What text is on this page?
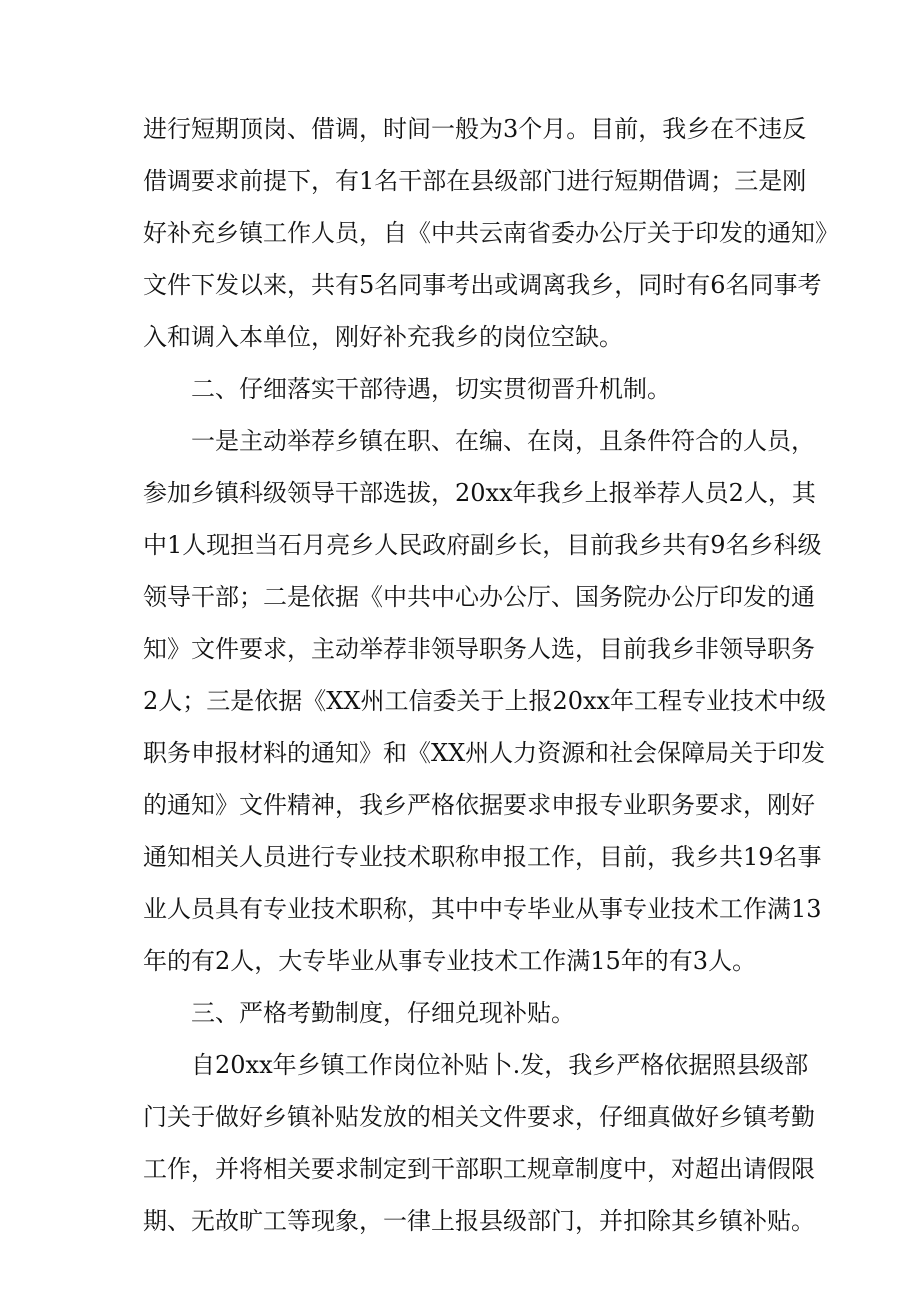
进行短期顶岗、借调，时间一般为3个月。目前，我乡在不违反
借调要求前提下，有1名干部在县级部门进行短期借调；三是刚
好补充乡镇工作人员，自《中共云南省委办公厅关于印发的通知》
文件下发以来，共有5名同事考出或调离我乡，同时有6名同事考
入和调入本单位，刚好补充我乡的岗位空缺。
二、仔细落实干部待遇，切实贯彻晋升机制。
一是主动举荐乡镇在职、在编、在岗，且条件符合的人员，
参加乡镇科级领导干部选拔，20xx年我乡上报举荐人员2人，其
中1人现担当石月亮乡人民政府副乡长，目前我乡共有9名乡科级
领导干部；二是依据《中共中心办公厅、国务院办公厅印发的通
知》文件要求，主动举荐非领导职务人选，目前我乡非领导职务
2人；三是依据《XX州工信委关于上报20xx年工程专业技术中级
职务申报材料的通知》和《XX州人力资源和社会保障局关于印发
的通知》文件精神，我乡严格依据要求申报专业职务要求，刚好
通知相关人员进行专业技术职称申报工作，目前，我乡共19名事
业人员具有专业技术职称，其中中专毕业从事专业技术工作满13
年的有2人，大专毕业从事专业技术工作满15年的有3人。
三、严格考勤制度，仔细兑现补贴。
自20xx年乡镇工作岗位补贴卜.发，我乡严格依据照县级部
门关于做好乡镇补贴发放的相关文件要求，仔细真做好乡镇考勤
工作，并将相关要求制定到干部职工规章制度中，对超出请假限
期、无故旷工等现象，一律上报县级部门，并扣除其乡镇补贴。
